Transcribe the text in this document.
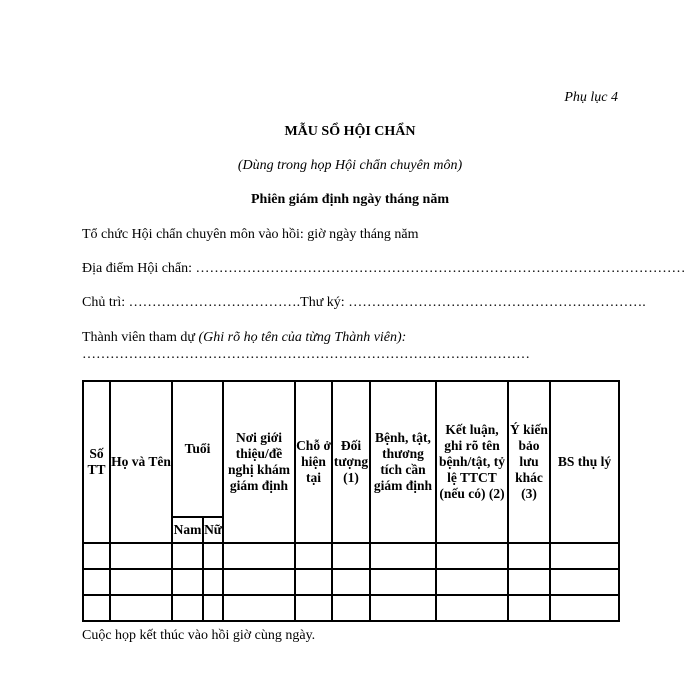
Phụ lục 4
MẪU SỔ HỘI CHẨN
(Dùng trong họp Hội chẩn chuyên môn)
Phiên giám định ngày tháng năm
Tổ chức Hội chẩn chuyên môn vào hồi: giờ ngày tháng năm
Địa điểm Hội chẩn: ……………………………………………………………………………………………
Chủ trì: ……………………………….Thư ký: ……………………………………………………….
Thành viên tham dự (Ghi rõ họ tên của từng Thành viên): ……………………………………………………………………………………
Số TT	Họ và Tên	Tuổi		Nơi giới thiệu/đề nghị khám giám định	Chỗ ở hiện tại	Đối tượng (1)	Bệnh, tật, thương tích cần giám định	Kết luận, ghi rõ tên bệnh/tật, tỷ lệ TTCT (nếu có) (2)	Ý kiến bảo lưu khác (3)	BS thụ lý
		Nam	Nữ							

Cuộc họp kết thúc vào hồi giờ cùng ngày.
